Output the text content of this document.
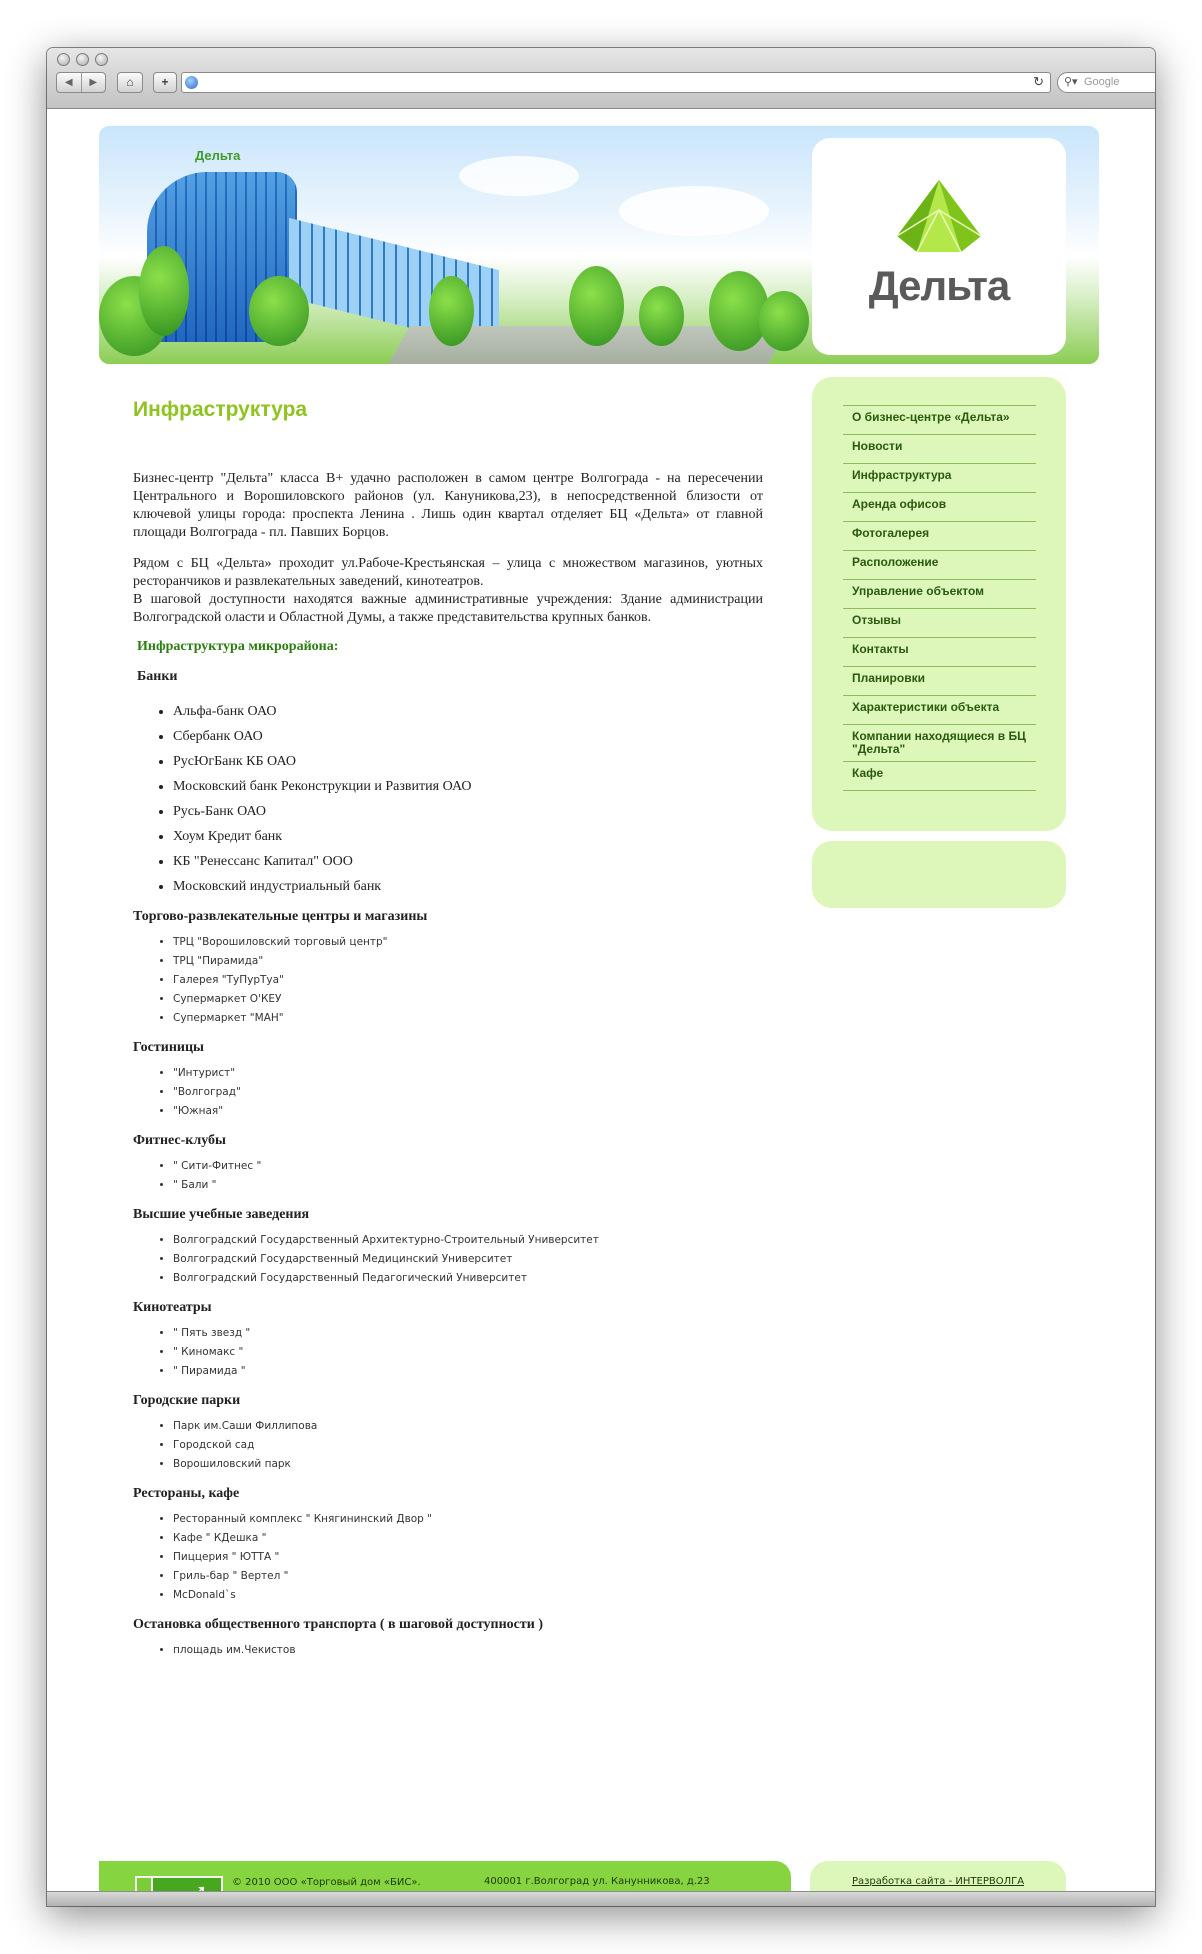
◀	▶	⌂	+	↻ ⚲▾ Google
Дельта
Дельта
Инфраструктура

Бизнес-центр "Дельта" класса В+ удачно расположен в самом центре Волгограда - на пересечении Центрального и Ворошиловского районов (ул. Кануникова,23), в непосредственной близости от ключевой улицы города: проспекта Ленина . Лишь один квартал отделяет БЦ «Дельта» от главной площади Волгограда - пл. Павших Борцов.

Рядом с БЦ «Дельта» проходит ул.Рабоче-Крестьянская – улица с множеством магазинов, уютных ресторанчиков и развлекательных заведений, кинотеатров.

В шаговой доступности находятся важные административные учреждения: Здание администрации Волгоградской оласти и Областной Думы, а также представительства крупных банков.

Инфраструктура микрорайона:
Банки
• Альфа-банк ОАО
• Сбербанк ОАО
• РусЮгБанк КБ ОАО
• Московский банк Реконструкции и Развития ОАО
• Русь-Банк ОАО
• Хоум Кредит банк
• КБ "Ренессанс Капитал" ООО
• Московский индустриальный банк
Торгово-развлекательные центры и магазины
• ТРЦ "Ворошиловский торговый центр"
• ТРЦ "Пирамида"
• Галерея "ТуПурТуа"
• Супермаркет О'КЕУ
• Супермаркет "МАН"
Гостиницы
• "Интурист"
• "Волгоград"
• "Южная"
Фитнес-клубы
• " Сити-Фитнес "
• " Бали "
Высшие учебные заведения
• Волгоградский Государственный Архитектурно-Строительный Университет
• Волгоградский Государственный Медицинский Университет
• Волгоградский Государственный Педагогический Университет
Кинотеатры
• " Пять звезд "
• " Киномакс "
• " Пирамида "
Городские парки
• Парк им.Саши Филлипова
• Городской сад
• Ворошиловский парк
Рестораны, кафе
• Ресторанный комплекс " Княгининский Двор "
• Кафе " КДешка "
• Пиццерия " ЮТТА "
• Гриль-бар " Вертел "
• McDonald`s
Остановка общественного транспорта ( в шаговой доступности )
• площадь им.Чекистов
О бизнес-центре «Дельта»
Новости
Инфраструктура
Аренда офисов
Фотогалерея
Расположение
Управление объектом
Отзывы
Контакты
Планировки
Характеристики объекта
Компании находящиеся в БЦ "Дельта"
Кафе
© 2010 ООО «Торговый дом «БИС».	400001 г.Волгоград ул. Канунникова, д.23	Разработка сайта - ИНТЕРВОЛГА
